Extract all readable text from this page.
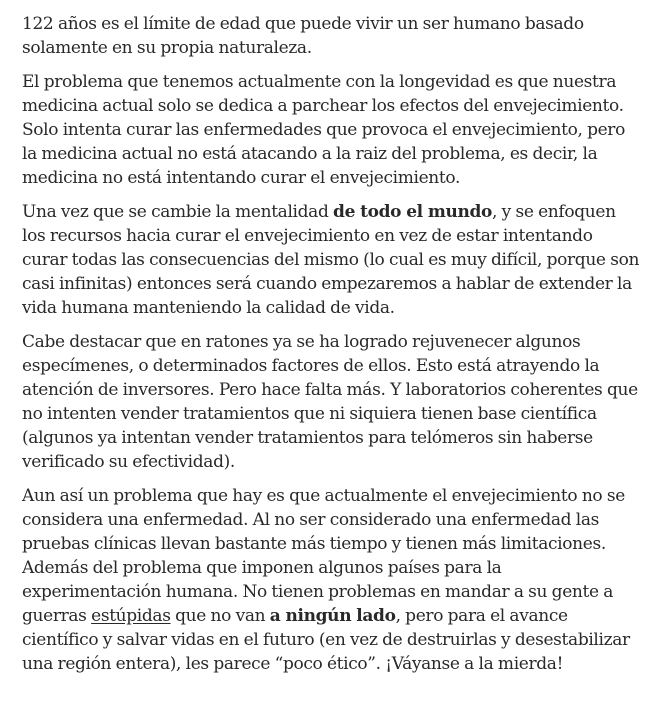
122 años es el límite de edad que puede vivir un ser humano basado solamente en su propia naturaleza.

El problema que tenemos actualmente con la longevidad es que nuestra medicina actual solo se dedica a parchear los efectos del envejecimiento. Solo intenta curar las enfermedades que provoca el envejecimiento, pero la medicina actual no está atacando a la raiz del problema, es decir, la medicina no está intentando curar el envejecimiento.

Una vez que se cambie la mentalidad de todo el mundo, y se enfoquen los recursos hacia curar el envejecimiento en vez de estar intentando curar todas las consecuencias del mismo (lo cual es muy difícil, porque son casi infinitas) entonces será cuando empezaremos a hablar de extender la vida humana manteniendo la calidad de vida.

Cabe destacar que en ratones ya se ha logrado rejuvenecer algunos especímenes, o determinados factores de ellos. Esto está atrayendo la atención de inversores. Pero hace falta más. Y laboratorios coherentes que no intenten vender tratamientos que ni siquiera tienen base científica (algunos ya intentan vender tratamientos para telómeros sin haberse verificado su efectividad).

Aun así un problema que hay es que actualmente el envejecimiento no se considera una enfermedad. Al no ser considerado una enfermedad las pruebas clínicas llevan bastante más tiempo y tienen más limitaciones. Además del problema que imponen algunos países para la experimentación humana. No tienen problemas en mandar a su gente a guerras estúpidas que no van a ningún lado, pero para el avance científico y salvar vidas en el futuro (en vez de destruirlas y desestabilizar una región entera), les parece “poco ético”. ¡Váyanse a la mierda!
